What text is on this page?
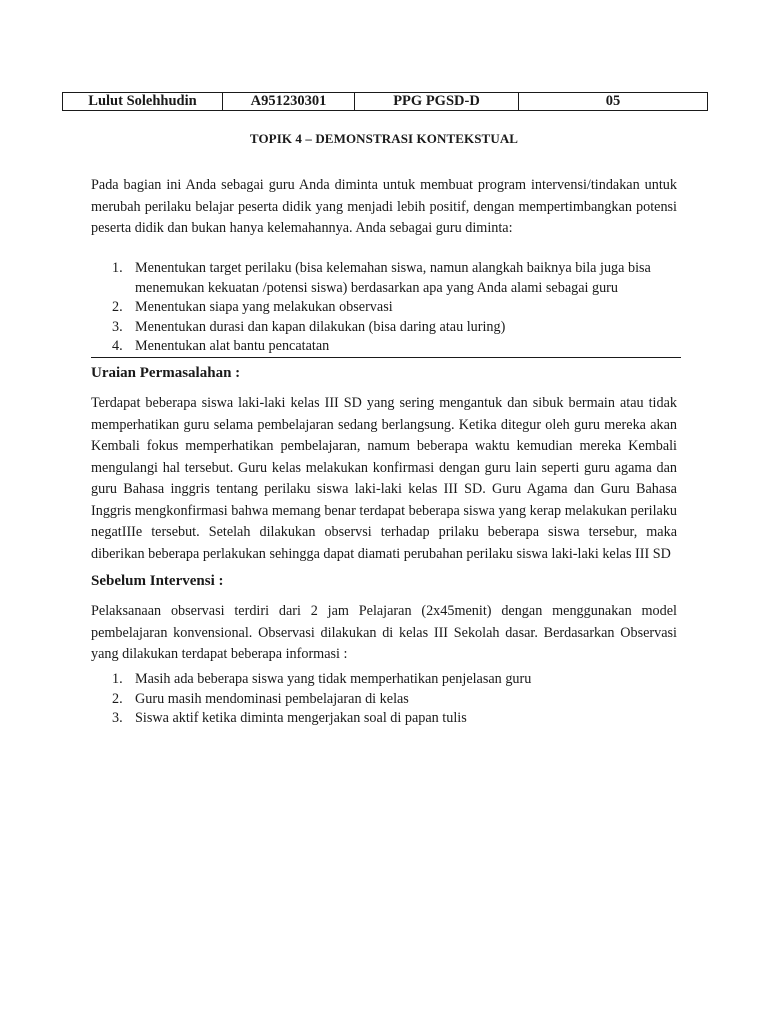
Lulut Solehhudin	A951230301	PPG PGSD-D	05
TOPIK 4 – DEMONSTRASI KONTEKSTUAL

Pada bagian ini Anda sebagai guru Anda diminta untuk membuat program intervensi/tindakan untuk merubah perilaku belajar peserta didik yang menjadi lebih positif, dengan mempertimbangkan potensi peserta didik dan bukan hanya kelemahannya. Anda sebagai guru diminta:

1. Menentukan target perilaku (bisa kelemahan siswa, namun alangkah baiknya bila juga bisa menemukan kekuatan /potensi siswa) berdasarkan apa yang Anda alami sebagai guru
2. Menentukan siapa yang melakukan observasi
3. Menentukan durasi dan kapan dilakukan (bisa daring atau luring)
4. Menentukan alat bantu pencatatan
Uraian Permasalahan :

Terdapat beberapa siswa laki-laki kelas III SD yang sering mengantuk dan sibuk bermain atau tidak memperhatikan guru selama pembelajaran sedang berlangsung. Ketika ditegur oleh guru mereka akan Kembali fokus memperhatikan pembelajaran, namum beberapa waktu kemudian mereka Kembali mengulangi hal tersebut. Guru kelas melakukan konfirmasi dengan guru lain seperti guru agama dan guru Bahasa inggris tentang perilaku siswa laki-laki kelas III SD. Guru Agama dan Guru Bahasa Inggris mengkonfirmasi bahwa memang benar terdapat beberapa siswa yang kerap melakukan perilaku negatIIIe tersebut. Setelah dilakukan observsi terhadap prilaku beberapa siswa tersebur, maka diberikan beberapa perlakukan sehingga dapat diamati perubahan perilaku siswa laki-laki kelas III SD

Sebelum Intervensi :

Pelaksanaan observasi terdiri dari 2 jam Pelajaran (2x45menit) dengan menggunakan model pembelajaran konvensional. Observasi dilakukan di kelas III Sekolah dasar. Berdasarkan Observasi yang dilakukan terdapat beberapa informasi :

1. Masih ada beberapa siswa yang tidak memperhatikan penjelasan guru
2. Guru masih mendominasi pembelajaran di kelas
3. Siswa aktif ketika diminta mengerjakan soal di papan tulis
